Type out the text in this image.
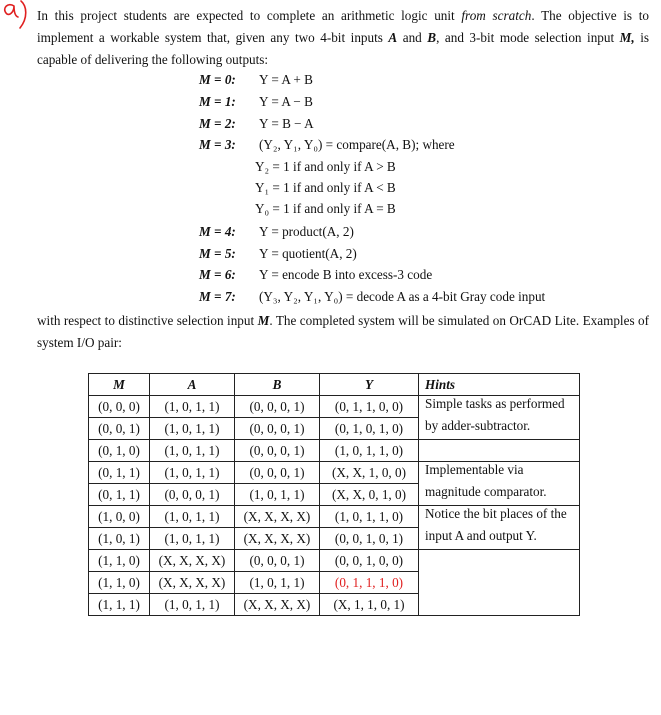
In this project students are expected to complete an arithmetic logic unit from scratch. The objective is to implement a workable system that, given any two 4-bit inputs A and B, and 3-bit mode selection input M, is capable of delivering the following outputs:
M = 0: Y = A + B
M = 1: Y = A − B
M = 2: Y = B − A
M = 3: (Y₂, Y₁, Y₀) = compare(A, B); where
Y₂ = 1 if and only if A > B
Y₁ = 1 if and only if A < B
Y₀ = 1 if and only if A = B
M = 4: Y = product(A, 2)
M = 5: Y = quotient(A, 2)
M = 6: Y = encode B into excess-3 code
M = 7: (Y₃, Y₂, Y₁, Y₀) = decode A as a 4-bit Gray code input
with respect to distinctive selection input M. The completed system will be simulated on OrCAD Lite. Examples of system I/O pair:
M	A	B	Y	Hints
(0, 0, 0)	(1, 0, 1, 1)	(0, 0, 0, 1)	(0, 1, 1, 0, 0)	Simple tasks as performed
(0, 0, 1)	(1, 0, 1, 1)	(0, 0, 0, 1)	(0, 1, 0, 1, 0)	by adder-subtractor.
(0, 1, 0)	(1, 0, 1, 1)	(0, 0, 0, 1)	(1, 0, 1, 1, 0)	
(0, 1, 1)	(1, 0, 1, 1)	(0, 0, 0, 1)	(X, X, 1, 0, 0)	Implementable via
(0, 1, 1)	(0, 0, 0, 1)	(1, 0, 1, 1)	(X, X, 0, 1, 0)	magnitude comparator.
(1, 0, 0)	(1, 0, 1, 1)	(X, X, X, X)	(1, 0, 1, 1, 0)	Notice the bit places of the
(1, 0, 1)	(1, 0, 1, 1)	(X, X, X, X)	(0, 0, 1, 0, 1)	input A and output Y.
(1, 1, 0)	(X, X, X, X)	(0, 0, 0, 1)	(0, 0, 1, 0, 0)	
(1, 1, 0)	(X, X, X, X)	(1, 0, 1, 1)	(0, 1, 1, 1, 0)	
(1, 1, 1)	(1, 0, 1, 1)	(X, X, X, X)	(X, 1, 1, 0, 1)	
